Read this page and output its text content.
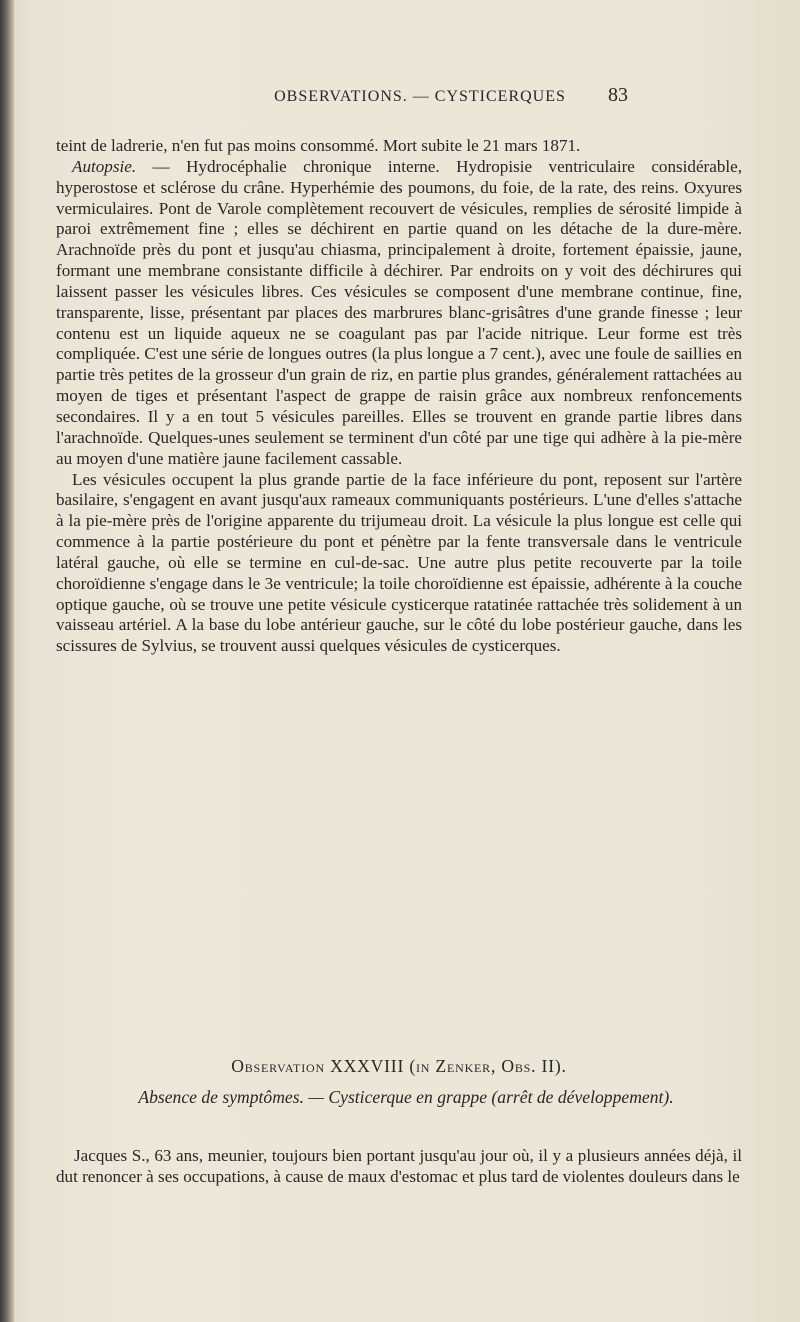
OBSERVATIONS. — CYSTICERQUES	83

teint de ladrerie, n'en fut pas moins consommé. Mort subite le 21 mars 1871.

Autopsie. — Hydrocéphalie chronique interne. Hydropisie ventriculaire considérable, hyperostose et sclérose du crâne. Hyperhémie des poumons, du foie, de la rate, des reins. Oxyures vermiculaires. Pont de Varole complètement recouvert de vésicules, remplies de sérosité limpide à paroi extrêmement fine ; elles se déchirent en partie quand on les détache de la dure-mère. Arachnoïde près du pont et jusqu'au chiasma, principalement à droite, fortement épaissie, jaune, formant une membrane consistante difficile à déchirer. Par endroits on y voit des déchirures qui laissent passer les vésicules libres. Ces vésicules se composent d'une membrane continue, fine, transparente, lisse, présentant par places des marbrures blanc-grisâtres d'une grande finesse ; leur contenu est un liquide aqueux ne se coagulant pas par l'acide nitrique. Leur forme est très compliquée. C'est une série de longues outres (la plus longue a 7 cent.), avec une foule de saillies en partie très petites de la grosseur d'un grain de riz, en partie plus grandes, généralement rattachées au moyen de tiges et présentant l'aspect de grappe de raisin grâce aux nombreux renfoncements secondaires. Il y a en tout 5 vésicules pareilles. Elles se trouvent en grande partie libres dans l'arachnoïde. Quelques-unes seulement se terminent d'un côté par une tige qui adhère à la pie-mère au moyen d'une matière jaune facilement cassable.

Les vésicules occupent la plus grande partie de la face inférieure du pont, reposent sur l'artère basilaire, s'engagent en avant jusqu'aux rameaux communiquants postérieurs. L'une d'elles s'attache à la pie-mère près de l'origine apparente du trijumeau droit. La vésicule la plus longue est celle qui commence à la partie postérieure du pont et pénètre par la fente transversale dans le ventricule latéral gauche, où elle se termine en cul-de-sac. Une autre plus petite recouverte par la toile choroïdienne s'engage dans le 3e ventricule; la toile choroïdienne est épaissie, adhérente à la couche optique gauche, où se trouve une petite vésicule cysticerque ratatinée rattachée très solidement à un vaisseau artériel. A la base du lobe antérieur gauche, sur le côté du lobe postérieur gauche, dans les scissures de Sylvius, se trouvent aussi quelques vésicules de cysticerques.

Observation XXXVIII (in Zenker, Obs. II).
Absence de symptômes. — Cysticerque en grappe (arrêt de développement).

Jacques S., 63 ans, meunier, toujours bien portant jusqu'au jour où, il y a plusieurs années déjà, il dut renoncer à ses occupations, à cause de maux d'estomac et plus tard de violentes douleurs dans le
